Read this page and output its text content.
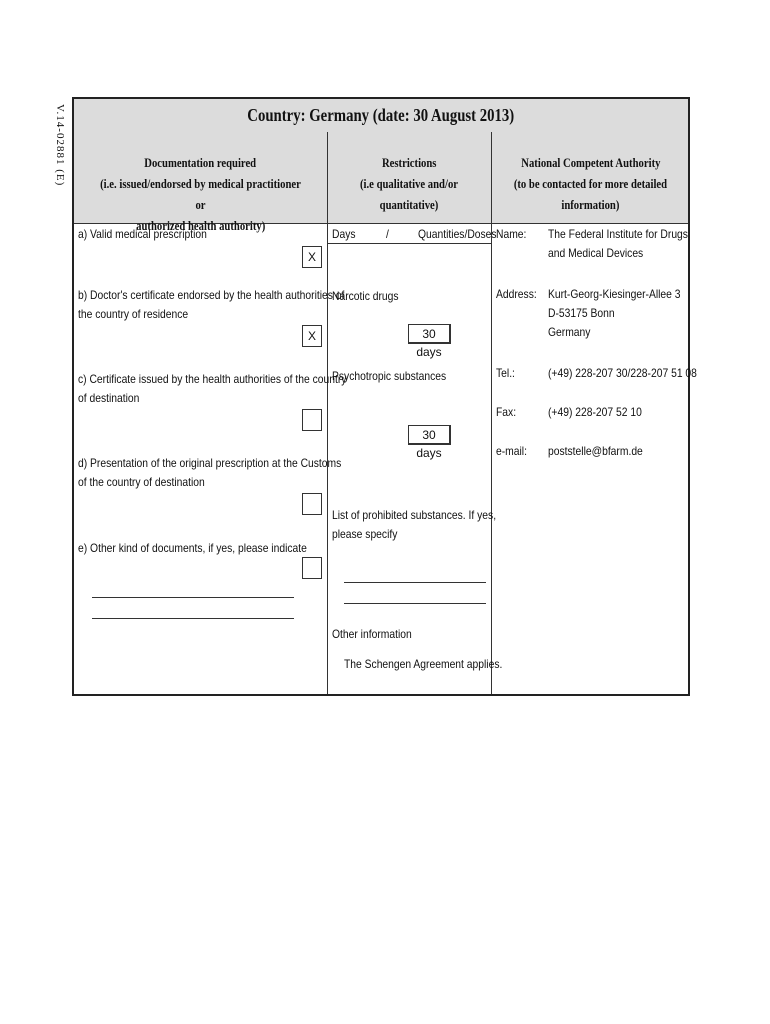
V.14-02881 (E)	Country: Germany (date: 30 August 2013)
Documentation required
(i.e. issued/endorsed by medical practitioner or
authorized health authority)
Restrictions
(i.e qualitative and/or quantitative)
National Competent Authority
(to be contacted for more detailed
information)
a) Valid medical prescription
X
b) Doctor's certificate endorsed by the health authorities of
the country of residence
X
c) Certificate issued by the health authorities of the country
of destination
d) Presentation of the original prescription at the Customs
of the country of destination
e) Other kind of documents, if yes, please indicate
Days	/ Quantities/Doses
Narcotic drugs
30 days
Psychotropic substances
30 days
List of prohibited substances. If yes,
please specify
Other information
The Schengen Agreement applies.
Name:	The Federal Institute for Drugs
and Medical Devices
Address: Kurt-Georg-Kiesinger-Allee 3
D-53175 Bonn
Germany
Tel.:	(+49) 228-207 30/228-207 51 08
Fax:	(+49) 228-207 52 10
e-mail:	poststelle@bfarm.de
